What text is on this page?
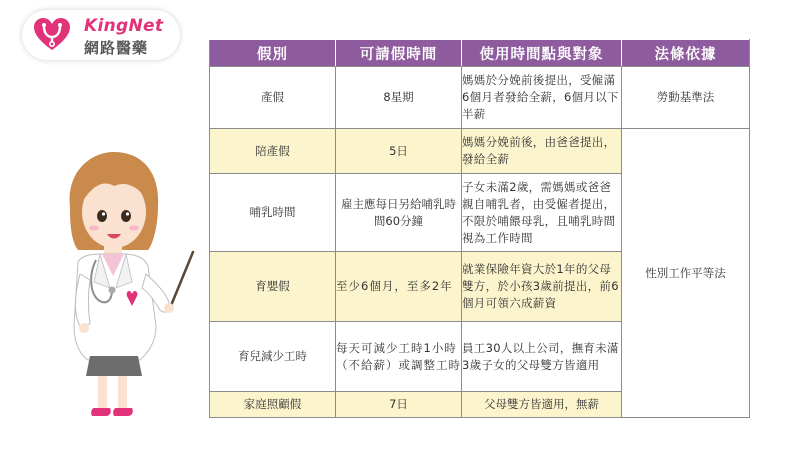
KingNet
網路醫藥	假別	可請假時間	使用時間點與對象	法條依據
產假	8星期	媽媽於分娩前後提出，受僱滿6個月者發給全薪，6個月以下半薪	勞動基準法
陪產假	5日	媽媽分娩前後，由爸爸提出，發給全薪	性別工作平等法
哺乳時間	雇主應每日另給哺乳時間60分鐘	子女未滿2歲，需媽媽或爸爸親自哺乳者，由受僱者提出，不限於哺餵母乳，且哺乳時間視為工作時間	
育嬰假	至少6個月，至多2年	就業保險年資大於1年的父母雙方，於小孩3歲前提出，前6個月可領六成薪資	
育兒減少工時	每天可減少工時1小時（不給薪）或調整工時	員工30人以上公司，撫育未滿3歲子女的父母雙方皆適用	
家庭照顧假	7日	父母雙方皆適用，無薪	
